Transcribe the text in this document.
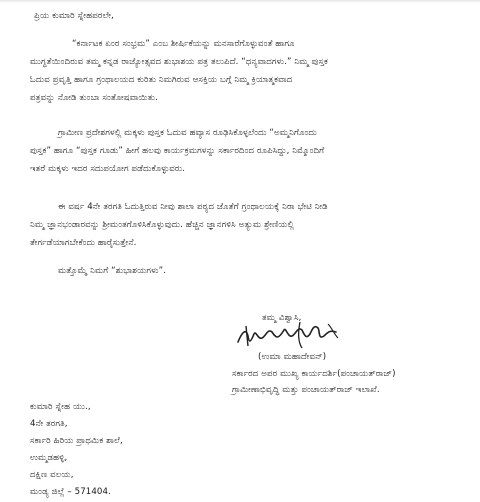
ಪ್ರಿಯ ಕುಮಾರಿ ಸ್ನೇಹಪರಲೇ,
“ಕರ್ನಾಟಕ ಏಂರ ಸಂಭ್ರಮ” ಎಂಬ ಶೀರ್ಷಿಕೆಯನ್ನು ಮನಸಾರೆಗೊಳ್ಳುವಂತೆ ಹಾಗೂ
ಮುಗ್ಧತೆಯಿಂದಿರುವ ತಮ್ಮ ಕನ್ನಡ ರಾಜ್ಯೋತ್ಸವದ ಶುಭಾಶಯ ಪತ್ರ ತಲುಪಿದೆ. “ಧನ್ಯವಾದಗಳು.” ನಿಮ್ಮ ಪುಸ್ತಕ
ಓದುವ ಪ್ರವೃತ್ತಿ ಹಾಗೂ ಗ್ರಂಥಾಲಯದ ಕುರಿತು ನಿಮಗಿರುವ ಆಸಕ್ತಿಯ ಬಗ್ಗೆ ನಿಮ್ಮ ಕ್ರಿಯಾತ್ಮಕವಾದ
ಪತ್ರವನ್ನು ನೋಡಿ ತುಂಬಾ ಸಂತೋಷವಾಯಿತು.
ಗ್ರಾಮೀಣ ಪ್ರದೇಶಗಳಲ್ಲಿ ಮಕ್ಕಳು ಪುಸ್ತಕ ಓದುವ ಹವ್ಯಾಸ ರೂಢಿಸಿಕೊಳ್ಳಲೆಂದು “ಅಮ್ಮನಿಗೊಂದು
ಪುಸ್ತಕ” ಹಾಗೂ “ಪುಸ್ತಕ ಗೂಡು” ಹೀಗೆ ಹಲವು ಕಾರ್ಯಕ್ರಮಗಳನ್ನು ಸರ್ಕಾರದಿಂದ ರೂಪಿಸಿದ್ದು, ನಿಮ್ಮೊಂದಿಗೆ
ಇತರೆ ಮಕ್ಕಳು ಇದರ ಸದುಪಯೋಗ ಪಡೆದುಕೊಳ್ಳುವರು.
ಈ ವರ್ಷ 4ನೇ ತರಗತಿ ಓದುತ್ತಿರುವ ನೀವು ಶಾಲಾ ಪಠ್ಯದ ಜೊತೆಗೆ ಗ್ರಂಥಾಲಯಕ್ಕೆ ನಿರಾ ಭೇಟಿ ನೀಡಿ
ನಿಮ್ಮ ಜ್ಞಾನಭಂಡಾರವನ್ನು ಶ್ರೀಮಂತಗೊಳಿಸಿಕೊಳ್ಳುವುದು. ಹೆಚ್ಚಿನ ಜ್ಞಾನಗಳಿಸಿ ಅತ್ಯುಮ ಶ್ರೇಣಿಯಲ್ಲಿ
ತೇರ್ಗಡೆಯಾಗಬೇಕೆಂದು ಹಾರೈಸುತ್ತೇನೆ.
ಮತ್ತೊಮ್ಮೆ ನಿಮಗೆ “ಶುಭಾಶಯಗಳು”.
ತಮ್ಮ ವಿಶ್ವಾಸಿ,
(ಉಮಾ ಮಹಾದೇವನ್)
ಸರ್ಕಾರದ ಅಪರ ಮುಖ್ಯ ಕಾರ್ಯದರ್ಶಿ(ಪಂಚಾಯತ್‌ರಾಜ್)
ಗ್ರಾಮೀಣಾಭಿವೃದ್ಧಿ ಮತ್ತು ಪಂಚಾಯತ್‌ರಾಜ್ ಇಲಾಖೆ.
ಕುಮಾರಿ ಸ್ನೇಹ ಯು.,
4ನೇ ತರಗತಿ,
ಸರ್ಕಾರಿ ಹಿರಿಯ ಪ್ರಾಥಮಿಕ ಶಾಲೆ,
ಉಮ್ಮಡಹಳ್ಳಿ,
ದಕ್ಷಿಣ ವಲಯ,
ಮಂಡ್ಯ ಜಿಲ್ಲೆ – 571404.
